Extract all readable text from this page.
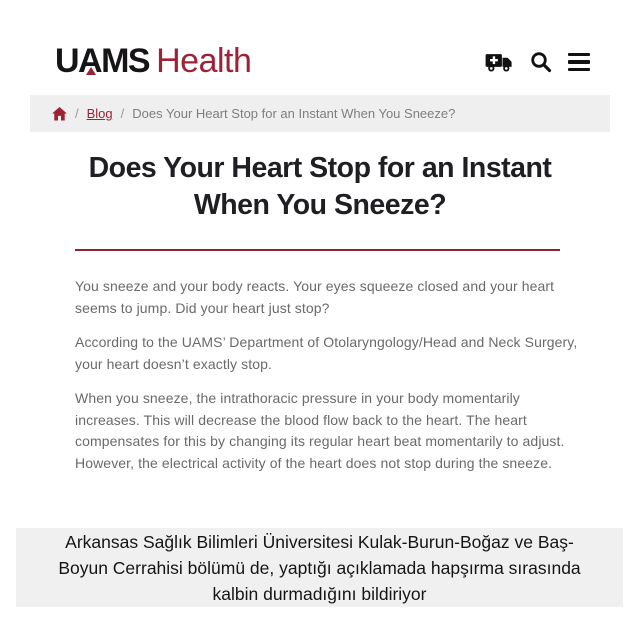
UAMS Health
/ Blog / Does Your Heart Stop for an Instant When You Sneeze?
Does Your Heart Stop for an Instant
When You Sneeze?

You sneeze and your body reacts. Your eyes squeeze closed and your heart seems to jump. Did your heart just stop?

According to the UAMS’ Department of Otolaryngology/Head and Neck Surgery, your heart doesn’t exactly stop.

When you sneeze, the intrathoracic pressure in your body momentarily increases. This will decrease the blood flow back to the heart. The heart compensates for this by changing its regular heart beat momentarily to adjust. However, the electrical activity of the heart does not stop during the sneeze.

Arkansas Sağlık Bilimleri Üniversitesi Kulak-Burun-Boğaz ve Baş-Boyun Cerrahisi bölümü de, yaptığı açıklamada hapşırma sırasında kalbin durmadığını bildiriyor
